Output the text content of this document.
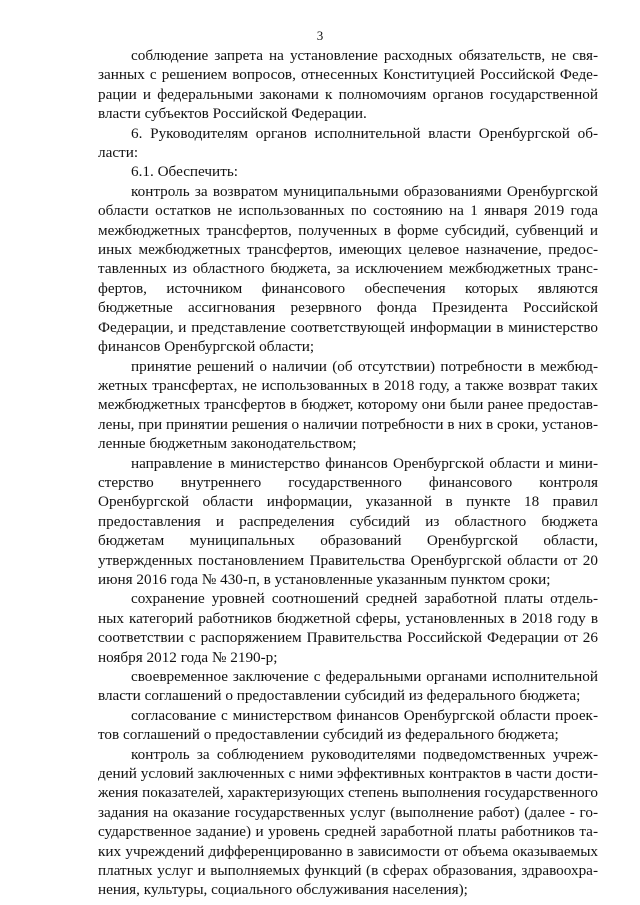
3

соблюдение запрета на установление расходных обязательств, не связанных с решением вопросов, отнесенных Конституцией Российской Федерации и федеральными законами к полномочиям органов государственной власти субъектов Российской Федерации.

6. Руководителям органов исполнительной власти Оренбургской области:

6.1. Обеспечить:

контроль за возвратом муниципальными образованиями Оренбургской области остатков не использованных по состоянию на 1 января 2019 года межбюджетных трансфертов, полученных в форме субсидий, субвенций и иных межбюджетных трансфертов, имеющих целевое назначение, предоставленных из областного бюджета, за исключением межбюджетных трансфертов, источником финансового обеспечения которых являются бюджетные ассигнования резервного фонда Президента Российской Федерации, и представление соответствующей информации в министерство финансов Оренбургской области;

принятие решений о наличии (об отсутствии) потребности в межбюджетных трансфертах, не использованных в 2018 году, а также возврат таких межбюджетных трансфертов в бюджет, которому они были ранее предоставлены, при принятии решения о наличии потребности в них в сроки, установленные бюджетным законодательством;

направление в министерство финансов Оренбургской области и министерство внутреннего государственного финансового контроля Оренбургской области информации, указанной в пункте 18 правил предоставления и распределения субсидий из областного бюджета бюджетам муниципальных образований Оренбургской области, утвержденных постановлением Правительства Оренбургской области от 20 июня 2016 года № 430-п, в установленные указанным пунктом сроки;

сохранение уровней соотношений средней заработной платы отдельных категорий работников бюджетной сферы, установленных в 2018 году в соответствии с распоряжением Правительства Российской Федерации от 26 ноября 2012 года № 2190-р;

своевременное заключение с федеральными органами исполнительной власти соглашений о предоставлении субсидий из федерального бюджета;

согласование с министерством финансов Оренбургской области проектов соглашений о предоставлении субсидий из федерального бюджета;

контроль за соблюдением руководителями подведомственных учреждений условий заключенных с ними эффективных контрактов в части достижения показателей, характеризующих степень выполнения государственного задания на оказание государственных услуг (выполнение работ) (далее - государственное задание) и уровень средней заработной платы работников таких учреждений дифференцированно в зависимости от объема оказываемых платных услуг и выполняемых функций (в сферах образования, здравоохранения, культуры, социального обслуживания населения);
